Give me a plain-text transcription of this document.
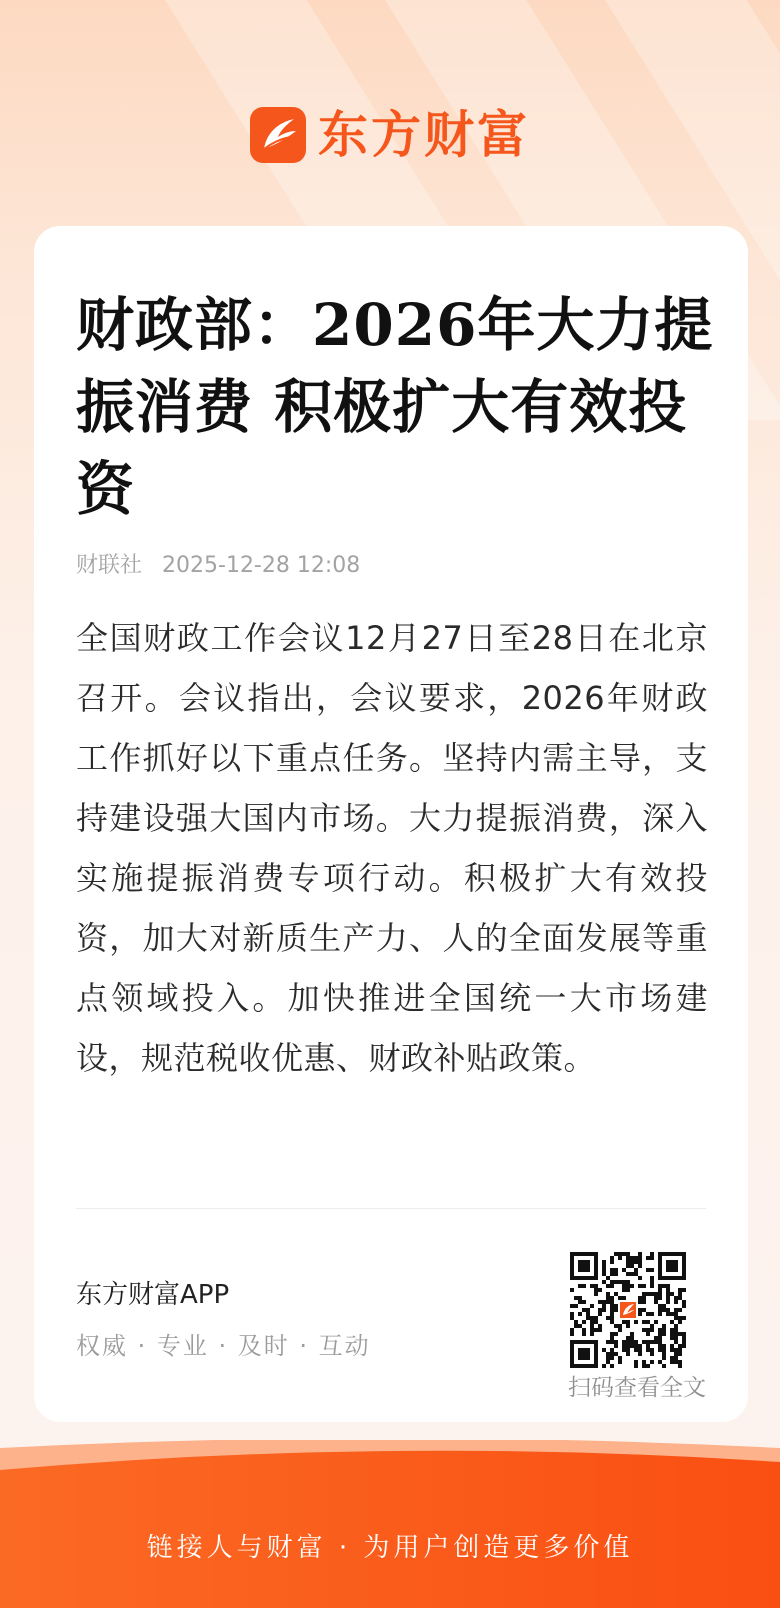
东方财富
财政部：2026年大力提振消费 积极扩大有效投资
财联社 2025-12-28 12:08
全国财政工作会议12月27日至28日在北京召开。会议指出，会议要求，2026年财政工作抓好以下重点任务。坚持内需主导，支持建设强大国内市场。大力提振消费，深入实施提振消费专项行动。积极扩大有效投资，加大对新质生产力、人的全面发展等重点领域投入。加快推进全国统一大市场建设，规范税收优惠、财政补贴政策。
东方财富APP
权威 · 专业 · 及时 · 互动
扫码查看全文
链接人与财富 · 为用户创造更多价值
